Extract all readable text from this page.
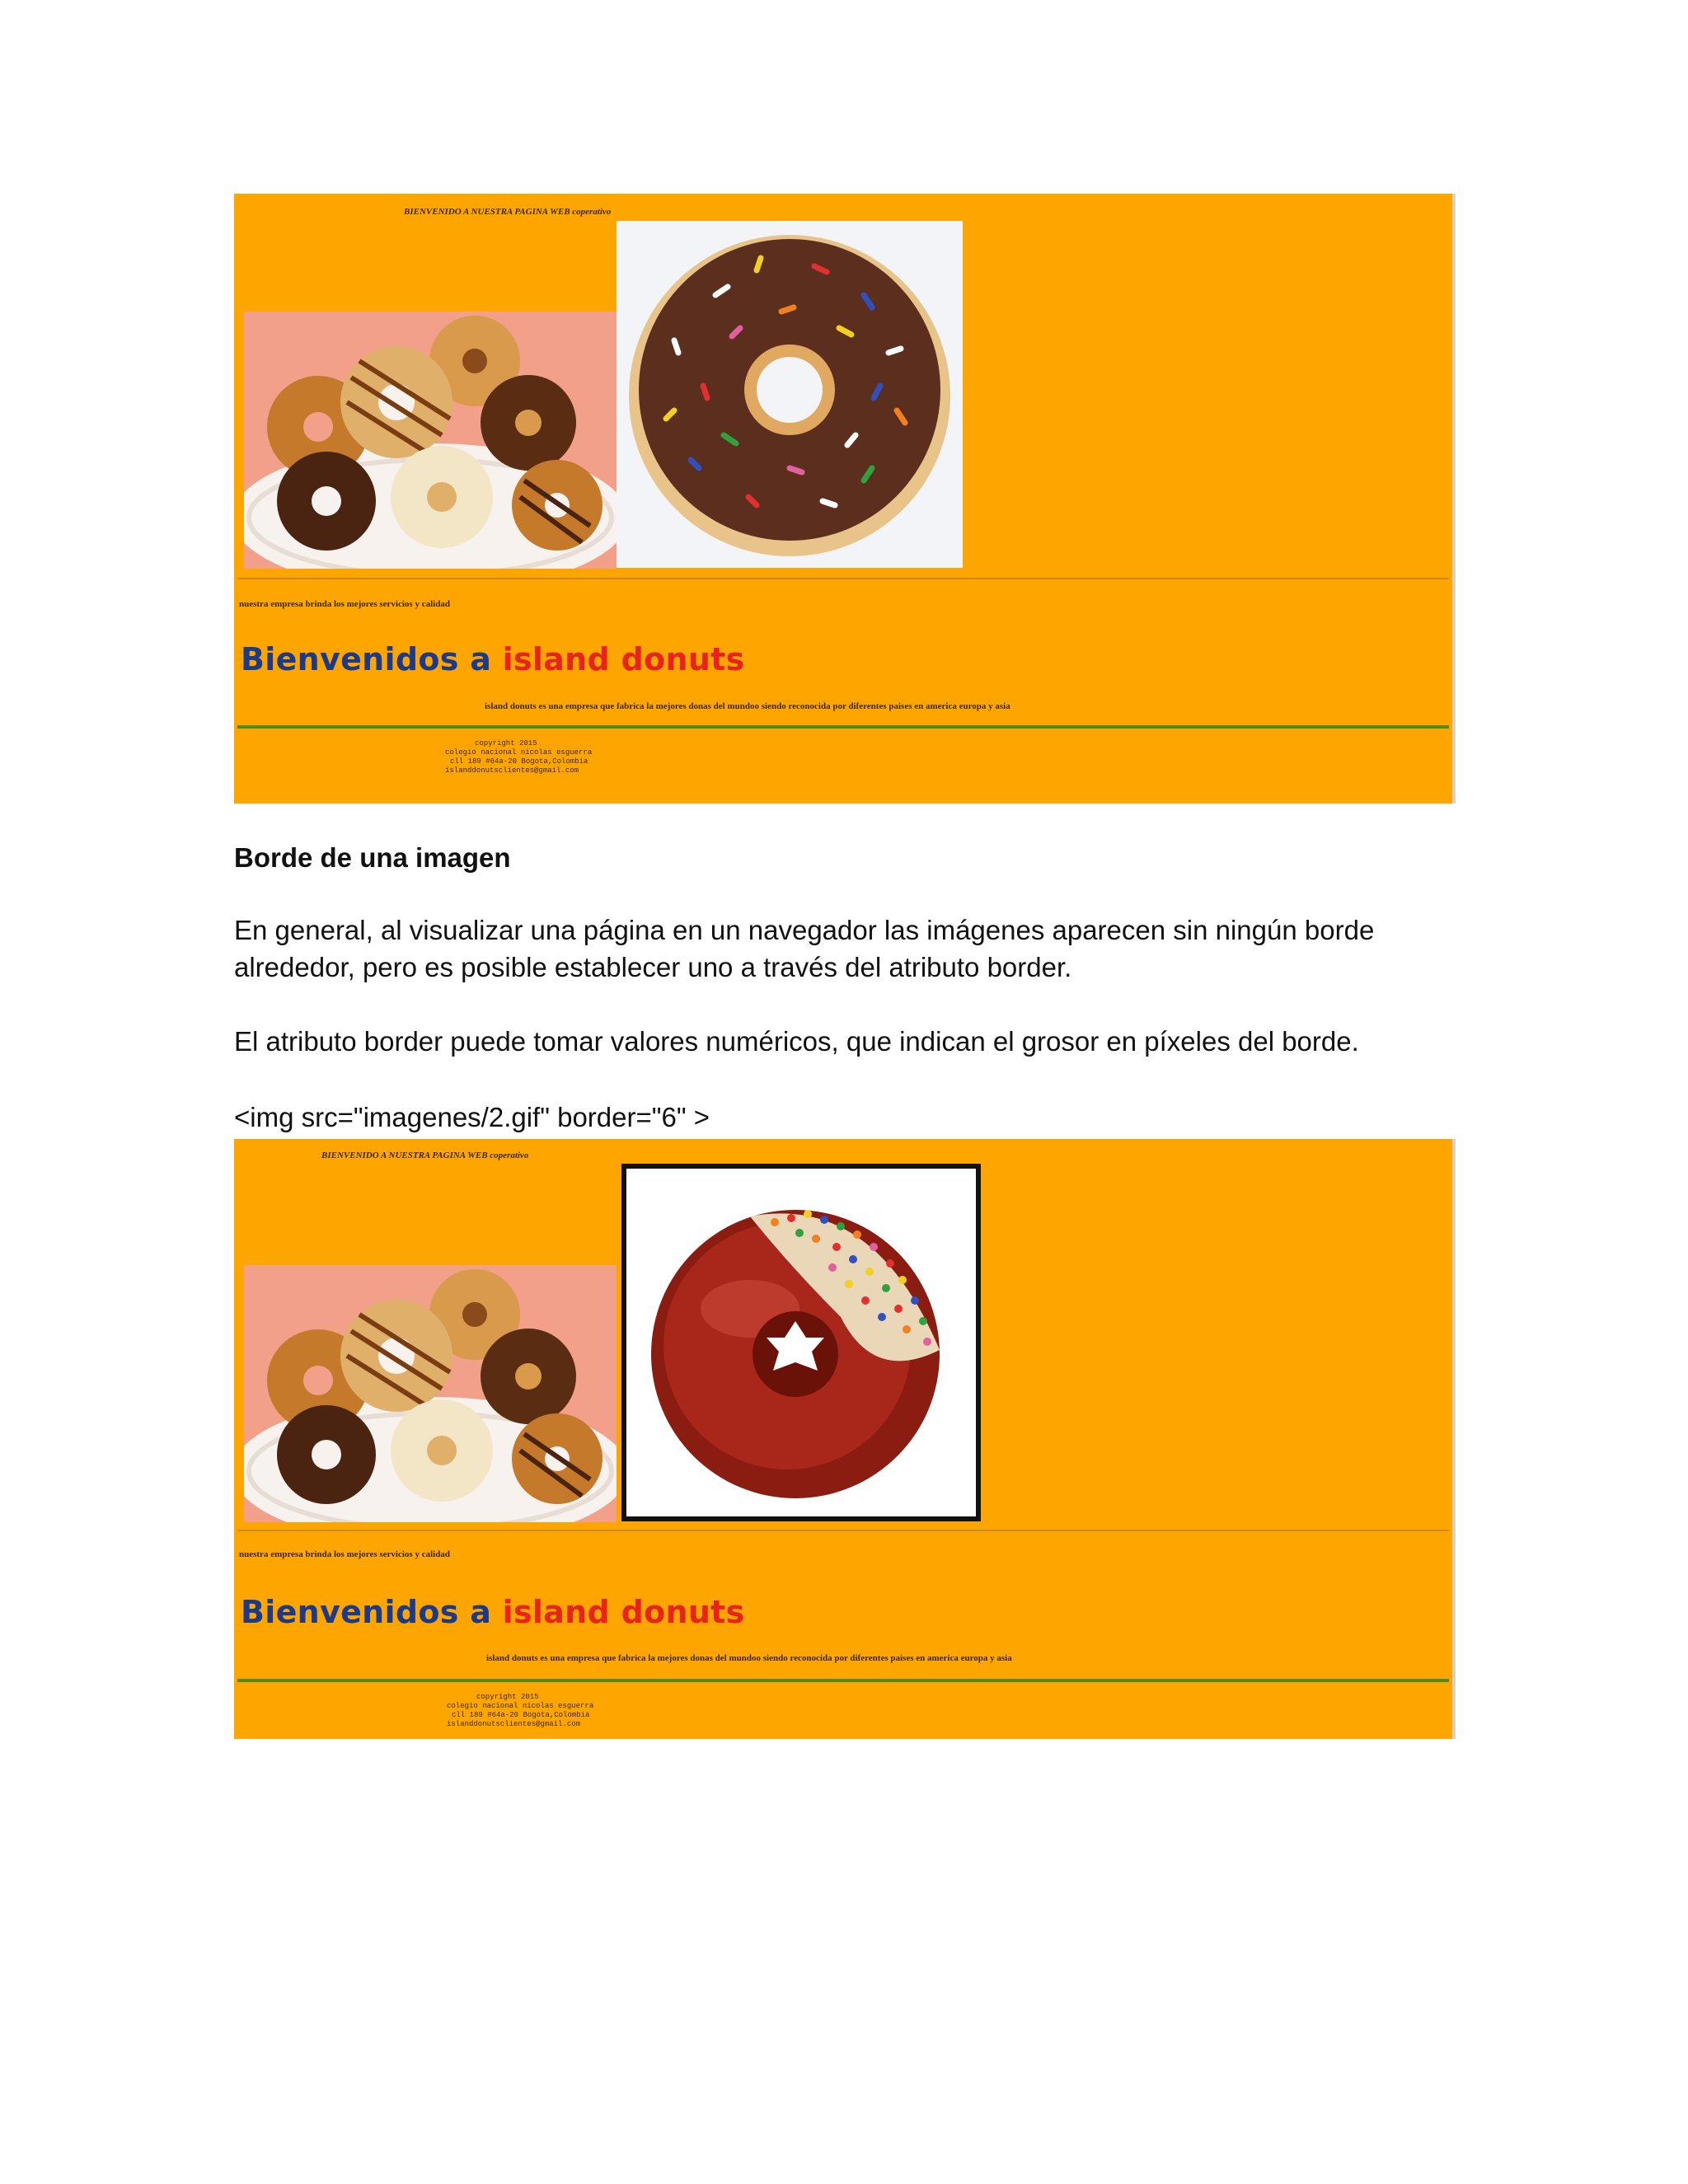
BIENVENIDO A NUESTRA PAGINA WEB coperativo
nuestra empresa brinda los mejores servicios y calidad
Bienvenidos a island donuts
island donuts es una empresa que fabrica la mejores donas del mundoo siendo reconocida por diferentes paises en america europa y asia
copyright 2015
colegio nacional nicolas esguerra
cll 189 #64a-20 Bogota,Colombia
islanddonutsclientes@gmail.com
Borde de una imagen
En general, al visualizar una página en un navegador las imágenes aparecen sin ningún borde
alrededor, pero es posible establecer uno a través del atributo border.
El atributo border puede tomar valores numéricos, que indican el grosor en píxeles del borde.
<img src="imagenes/2.gif" border="6" >
BIENVENIDO A NUESTRA PAGINA WEB coperativo
nuestra empresa brinda los mejores servicios y calidad
Bienvenidos a island donuts
island donuts es una empresa que fabrica la mejores donas del mundoo siendo reconocida por diferentes paises en america europa y asia
copyright 2015
colegio nacional nicolas esguerra
cll 189 #64a-20 Bogota,Colombia
islanddonutsclientes@gmail.com
